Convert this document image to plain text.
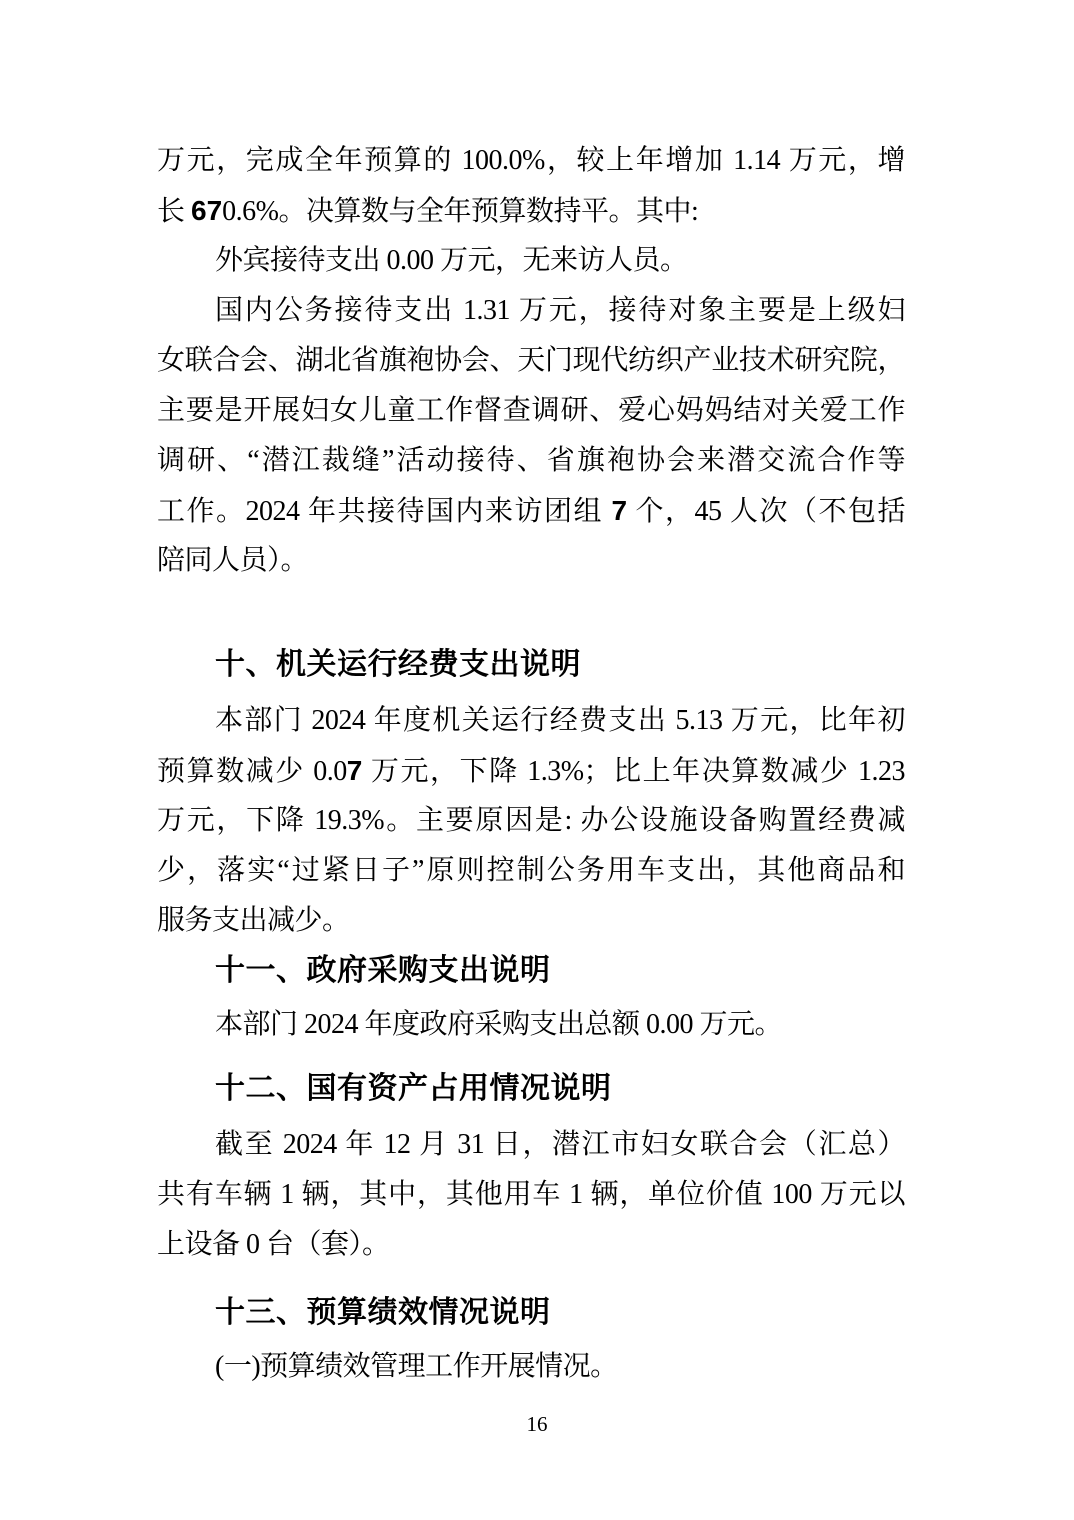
万元，完成全年预算的 100.0%，较上年增加 1.14 万元，增
长 670.6%。决算数与全年预算数持平。其中:
外宾接待支出 0.00 万元，无来访人员。
国内公务接待支出 1.31 万元，接待对象主要是上级妇
女联合会、湖北省旗袍协会、天门现代纺织产业技术研究院，
主要是开展妇女儿童工作督查调研、爱心妈妈结对关爱工作
调研、“潜江裁缝”活动接待、省旗袍协会来潜交流合作等
工作。2024 年共接待国内来访团组 7 个，45 人次（不包括
陪同人员）。
十、机关运行经费支出说明
本部门 2024 年度机关运行经费支出 5.13 万元，比年初
预算数减少 0.07 万元，下降 1.3%；比上年决算数减少 1.23
万元，下降 19.3%。主要原因是: 办公设施设备购置经费减
少，落实“过紧日子”原则控制公务用车支出，其他商品和
服务支出减少。
十一、政府采购支出说明
本部门 2024 年度政府采购支出总额 0.00 万元。
十二、国有资产占用情况说明
截至 2024 年 12 月 31 日，潜江市妇女联合会（汇总）
共有车辆 1 辆，其中，其他用车 1 辆，单位价值 100 万元以
上设备 0 台（套）。
十三、预算绩效情况说明
(一)预算绩效管理工作开展情况。
16
